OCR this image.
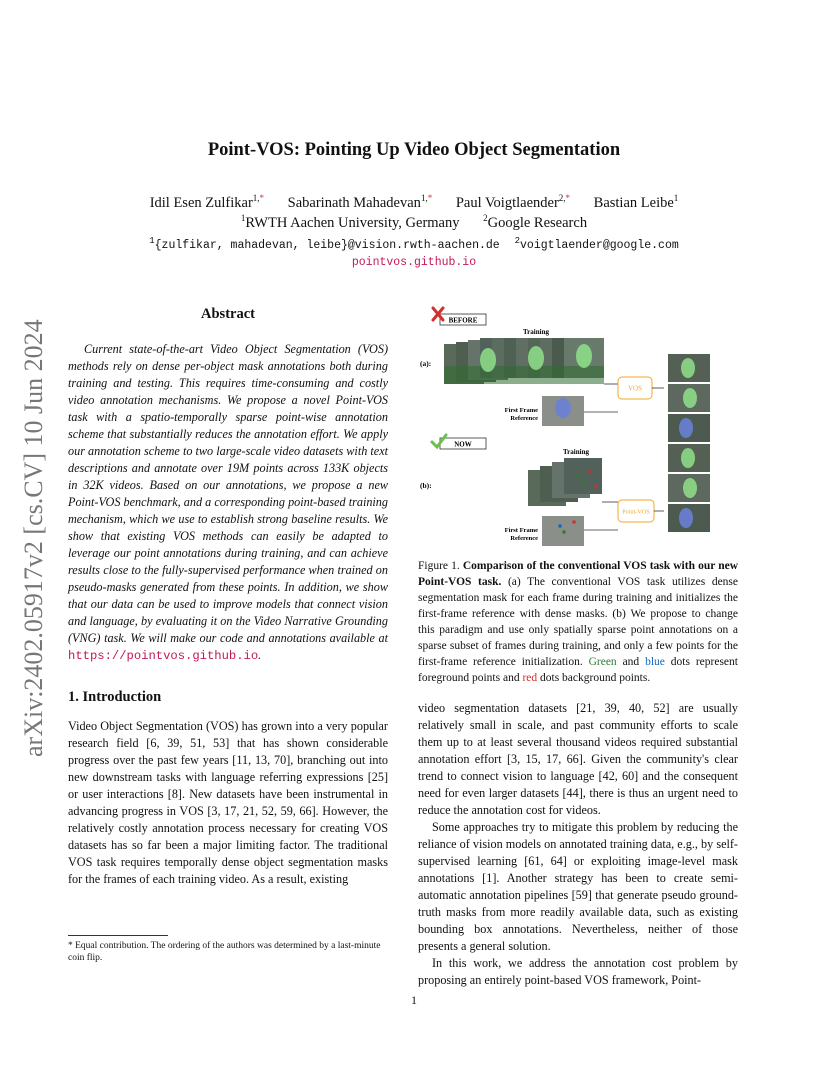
arXiv:2402.05917v2 [cs.CV] 10 Jun 2024
Point-VOS: Pointing Up Video Object Segmentation
Idil Esen Zulfikar$^{1,*}$ Sabarinath Mahadevan$^{1,*}$ Paul Voigtlaender$^{2,*}$ Bastian Leibe$^1$
$^1$RWTH Aachen University, Germany	$^2$Google Research
$^1${zulfikar, mahadevan, leibe}@vision.rwth-aachen.de $^2$voigtlaender@google.com
pointvos.github.io
Abstract

Current state-of-the-art Video Object Segmentation (VOS) methods rely on dense per-object mask annotations both during training and testing. This requires time-consuming and costly video annotation mechanisms. We propose a novel Point-VOS task with a spatio-temporally sparse point-wise annotation scheme that substantially reduces the annotation effort. We apply our annotation scheme to two large-scale video datasets with text descriptions and annotate over 19M points across 133K objects in 32K videos. Based on our annotations, we propose a new Point-VOS benchmark, and a corresponding point-based training mechanism, which we use to establish strong baseline results. We show that existing VOS methods can easily be adapted to leverage our point annotations during training, and can achieve results close to the fully-supervised performance when trained on pseudo-masks generated from these points. In addition, we show that our data can be used to improve models that connect vision and language, by evaluating it on the Video Narrative Grounding (VNG) task. We will make our code and annotations available at https://pointvos.github.io.

1. Introduction

Video Object Segmentation (VOS) has grown into a very popular research field [6, 39, 51, 53] that has shown considerable progress over the past few years [11, 13, 70], branching out into new downstream tasks with language referring expressions [25] or user interactions [8]. New datasets have been instrumental in advancing progress in VOS [3, 17, 21, 52, 59, 66]. However, the relatively costly annotation process necessary for creating VOS datasets has so far been a major limiting factor. The traditional VOS task requires temporally dense object segmentation masks for the frames of each training video. As a result, existing

* Equal contribution. The ordering of the authors was determined by a last-minute coin flip.
1
BEFORE
Training
(a):
First Frame
Reference
VOS
NOW
Training
(b):
First Frame
Reference
Point-VOS
Figure 1. Comparison of the conventional VOS task with our new Point-VOS task. (a) The conventional VOS task utilizes dense segmentation mask for each frame during training and initializes the first-frame reference with dense masks. (b) We propose to change this paradigm and use only spatially sparse point annotations on a sparse subset of frames during training, and only a few points for the first-frame reference initialization. Green and blue dots represent foreground points and red dots background points.

video segmentation datasets [21, 39, 40, 52] are usually relatively small in scale, and past community efforts to scale them up to at least several thousand videos required substantial annotation effort [3, 15, 17, 66]. Given the community's clear trend to connect vision to language [42, 60] and the consequent need for even larger datasets [44], there is thus an urgent need to reduce the annotation cost for videos.

Some approaches try to mitigate this problem by reducing the reliance of vision models on annotated training data, e.g., by self-supervised learning [61, 64] or exploiting image-level mask annotations [1]. Another strategy has been to create semi-automatic annotation pipelines [59] that generate pseudo ground-truth masks from more readily available data, such as existing bounding box annotations. Nevertheless, neither of those presents a general solution.

In this work, we address the annotation cost problem by proposing an entirely point-based VOS framework, Point-
